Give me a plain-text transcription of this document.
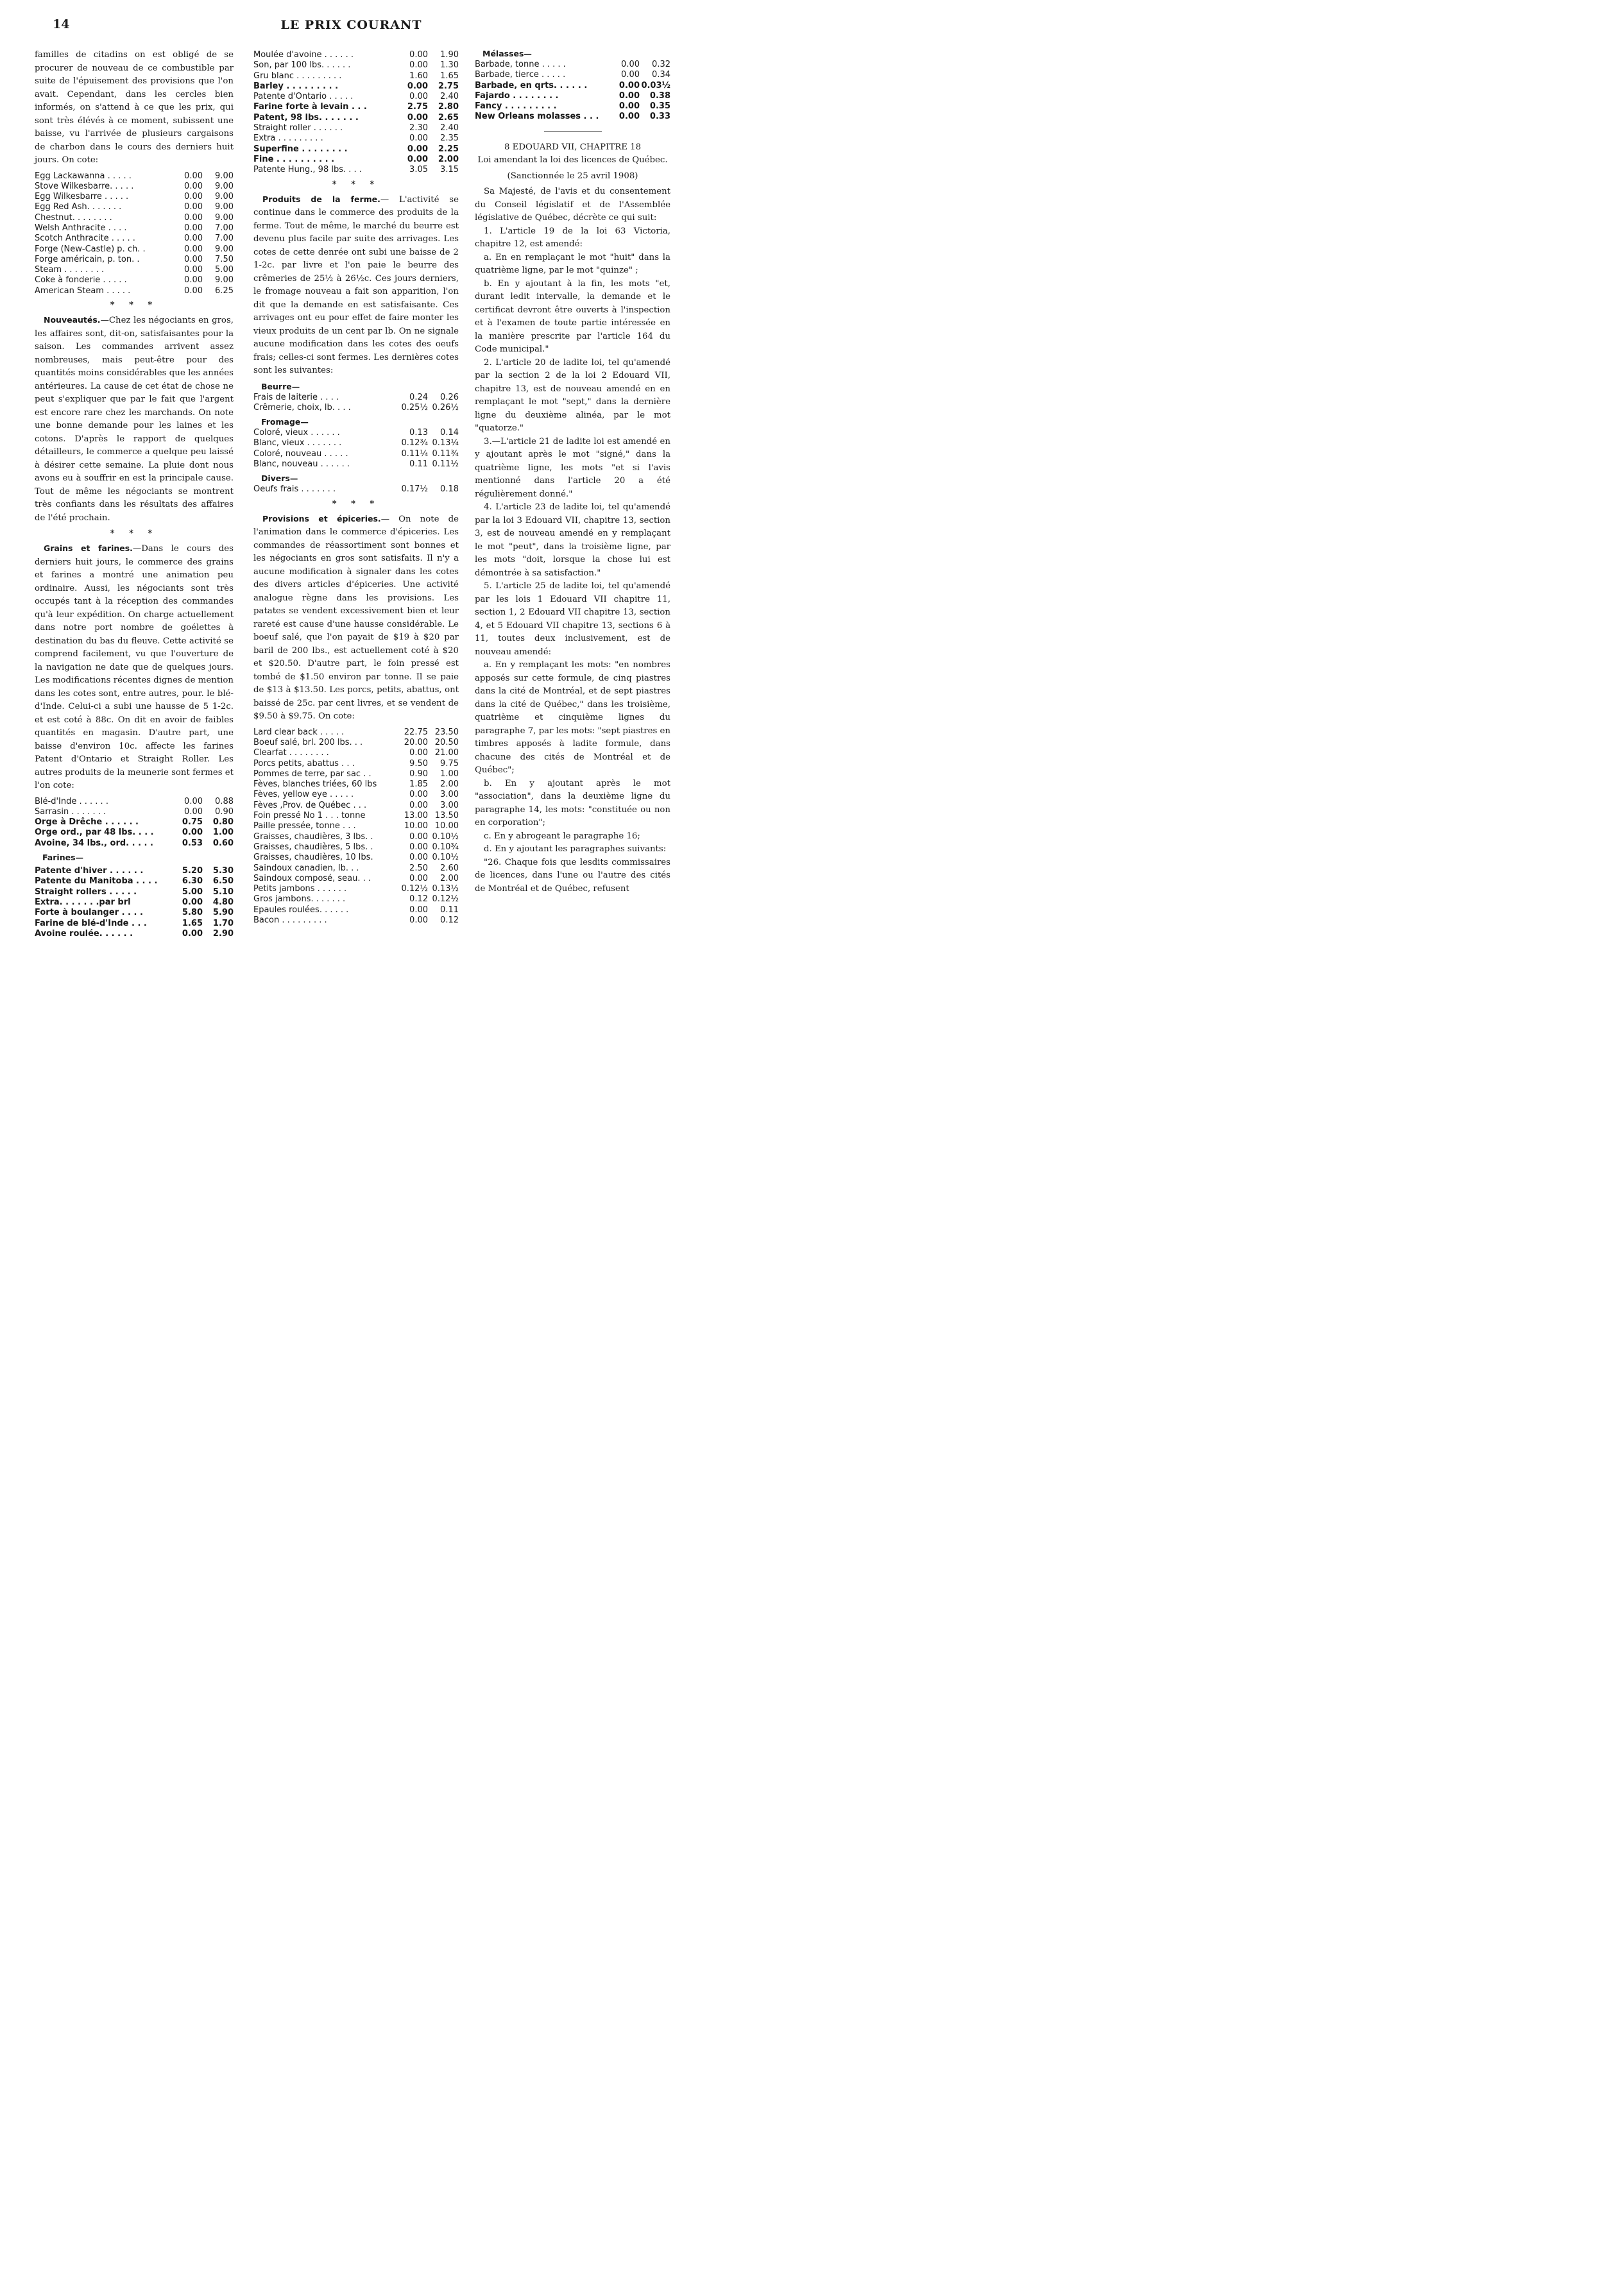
14	LE PRIX COURANT

familles de citadins on est obligé de se procurer de nouveau de ce combustible par suite de l'épuisement des provisions que l'on avait. Cependant, dans les cercles bien informés, on s'attend à ce que les prix, qui sont très élévés à ce moment, subissent une baisse, vu l'arrivée de plusieurs cargaisons de charbon dans le cours des derniers huit jours. On cote:

Egg Lackawanna . . . . .	0.00	9.00
Stove Wilkesbarre. . . . .	0.00	9.00
Egg Wilkesbarre . . . . .	0.00	9.00
Egg Red Ash. . . . . . .	0.00	9.00
Chestnut. . . . . . . .	0.00	9.00
Welsh Anthracite . . . .	0.00	7.00
Scotch Anthracite . . . . .	0.00	7.00
Forge (New-Castle) p. ch. .	0.00	9.00
Forge américain, p. ton. .	0.00	7.50
Steam . . . . . . . .	0.00	5.00
Coke à fonderie . . . . .	0.00	9.00
American Steam . . . . .	0.00	6.25
* * *

Nouveautés.—Chez les négociants en gros, les affaires sont, dit-on, satisfaisantes pour la saison. Les commandes arrivent assez nombreuses, mais peut-être pour des quantités moins considérables que les années antérieures. La cause de cet état de chose ne peut s'expliquer que par le fait que l'argent est encore rare chez les marchands. On note une bonne demande pour les laines et les cotons. D'après le rapport de quelques détailleurs, le commerce a quelque peu laissé à désirer cette semaine. La pluie dont nous avons eu à souffrir en est la principale cause. Tout de même les négociants se montrent très confiants dans les résultats des affaires de l'été prochain.

* * *

Grains et farines.—Dans le cours des derniers huit jours, le commerce des grains et farines a montré une animation peu ordinaire. Aussi, les négociants sont très occupés tant à la réception des commandes qu'à leur expédition. On charge actuellement dans notre port nombre de goélettes à destination du bas du fleuve. Cette activité se comprend facilement, vu que l'ouverture de la navigation ne date que de quelques jours. Les modifications récentes dignes de mention dans les cotes sont, entre autres, pour. le blé-d'Inde. Celui-ci a subi une hausse de 5 1-2c. et est coté à 88c. On dit en avoir de faibles quantités en magasin. D'autre part, une baisse d'environ 10c. affecte les farines Patent d'Ontario et Straight Roller. Les autres produits de la meunerie sont fermes et l'on cote:

Blé-d'Inde . . . . . .	0.00	0.88
Sarrasin . . . . . . .	0.00	0.90
Orge à Drêche . . . . . .	0.75	0.80
Orge ord., par 48 lbs. . . .	0.00	1.00
Avoine, 34 lbs., ord. . . . .	0.53	0.60
Farines—
Patente d'hiver . . . . . .	5.20	5.30
Patente du Manitoba . . . .	6.30	6.50
Straight rollers . . . . .	5.00	5.10
Extra. . . . . . .par brl	0.00	4.80
Forte à boulanger . . . .	5.80	5.90
Farine de blé-d'Inde . . .	1.65	1.70
Avoine roulée. . . . . .	0.00	2.90
Moulée d'avoine . . . . . .	0.00	1.90
Son, par 100 lbs. . . . . .	0.00	1.30
Gru blanc . . . . . . . . .	1.60	1.65
Barley . . . . . . . . .	0.00	2.75
Patente d'Ontario . . . . .	0.00	2.40
Farine forte à levain . . .	2.75	2.80
Patent, 98 lbs. . . . . . .	0.00	2.65
Straight roller . . . . . .	2.30	2.40
Extra . . . . . . . . .	0.00	2.35
Superfine . . . . . . . .	0.00	2.25
Fine . . . . . . . . . .	0.00	2.00
Patente Hung., 98 lbs. . . .	3.05	3.15
* * *

Produits de la ferme.— L'activité se continue dans le commerce des produits de la ferme. Tout de même, le marché du beurre est devenu plus facile par suite des arrivages. Les cotes de cette denrée ont subi une baisse de 2 1-2c. par livre et l'on paie le beurre des crêmeries de 25½ à 26½c. Ces jours derniers, le fromage nouveau a fait son apparition, l'on dit que la demande en est satisfaisante. Ces arrivages ont eu pour effet de faire monter les vieux produits de un cent par lb. On ne signale aucune modification dans les cotes des oeufs frais; celles-ci sont fermes. Les dernières cotes sont les suivantes:

Beurre—
Frais de laiterie . . . .	0.24	0.26
Crêmerie, choix, lb. . . .	0.25½ 0.26½
Fromage—
Coloré, vieux . . . . . .	0.13	0.14
Blanc, vieux . . . . . . .	0.12¾ 0.13¼
Coloré, nouveau . . . . .	0.11¼ 0.11¾
Blanc, nouveau . . . . . .	0.11 0.11½
Divers—
Oeufs frais . . . . . . .	0.17½	0.18
* * *

Provisions et épiceries.— On note de l'animation dans le commerce d'épiceries. Les commandes de réassortiment sont bonnes et les négociants en gros sont satisfaits. Il n'y a aucune modification à signaler dans les cotes des divers articles d'épiceries. Une activité analogue règne dans les provisions. Les patates se vendent excessivement bien et leur rareté est cause d'une hausse considérable. Le boeuf salé, que l'on payait de $19 à $20 par baril de 200 lbs., est actuellement coté à $20 et $20.50. D'autre part, le foin pressé est tombé de $1.50 environ par tonne. Il se paie de $13 à $13.50. Les porcs, petits, abattus, ont baissé de 25c. par cent livres, et se vendent de $9.50 à $9.75. On cote:

Lard clear back . . . . .	22.75 23.50
Boeuf salé, brl. 200 lbs. . .	20.00 20.50
Clearfat . . . . . . . .	0.00 21.00
Porcs petits, abattus . . .	9.50	9.75
Pommes de terre, par sac . .	0.90	1.00
Fèves, blanches triées, 60 lbs	1.85	2.00
Fèves, yellow eye . . . . .	0.00	3.00
Fèves ,Prov. de Québec . . .	0.00	3.00
Foin pressé No 1 . . . tonne	13.00 13.50
Paille pressée, tonne . . .	10.00 10.00
Graisses, chaudières, 3 lbs. .	0.00 0.10½
Graisses, chaudières, 5 lbs. .	0.00 0.10¾
Graisses, chaudières, 10 lbs.	0.00 0.10½
Saindoux canadien, lb. . .	2.50	2.60
Saindoux composé, seau. . .	0.00	2.00
Petits jambons . . . . . .	0.12½ 0.13½
Gros jambons. . . . . . .	0.12 0.12½
Epaules roulées. . . . . .	0.00	0.11
Bacon . . . . . . . . .	0.00	0.12
Mélasses—
Barbade, tonne . . . . .	0.00	0.32
Barbade, tierce . . . . .	0.00	0.34
Barbade, en qrts. . . . . .	0.00 0.03½
Fajardo . . . . . . . .	0.00	0.38
Fancy . . . . . . . . .	0.00	0.35
New Orleans molasses . . .	0.00	0.33
8 EDOUARD VII, CHAPITRE 18
Loi amendant la loi des licences de Québec.
(Sanctionnée le 25 avril 1908)

Sa Majesté, de l'avis et du consentement du Conseil législatif et de l'Assemblée législative de Québec, décrète ce qui suit:

1. L'article 19 de la loi 63 Victoria, chapitre 12, est amendé:

a. En en remplaçant le mot "huit" dans la quatrième ligne, par le mot "quinze" ;

b. En y ajoutant à la fin, les mots "et, durant ledit intervalle, la demande et le certificat devront être ouverts à l'inspection et à l'examen de toute partie intéressée en la manière prescrite par l'article 164 du Code municipal."

2. L'article 20 de ladite loi, tel qu'amendé par la section 2 de la loi 2 Edouard VII, chapitre 13, est de nouveau amendé en en remplaçant le mot "sept," dans la dernière ligne du deuxième alinéa, par le mot "quatorze."

3.—L'article 21 de ladite loi est amendé en y ajoutant après le mot "signé," dans la quatrième ligne, les mots "et si l'avis mentionné dans l'article 20 a été régulièrement donné."

4. L'article 23 de ladite loi, tel qu'amendé par la loi 3 Edouard VII, chapitre 13, section 3, est de nouveau amendé en y remplaçant le mot "peut", dans la troisième ligne, par les mots "doit, lorsque la chose lui est démontrée à sa satisfaction."

5. L'article 25 de ladite loi, tel qu'amendé par les lois 1 Edouard VII chapitre 11, section 1, 2 Edouard VII chapitre 13, section 4, et 5 Edouard VII chapitre 13, sections 6 à 11, toutes deux inclusivement, est de nouveau amendé:

a. En y remplaçant les mots: "en nombres apposés sur cette formule, de cinq piastres dans la cité de Montréal, et de sept piastres dans la cité de Québec," dans les troisième, quatrième et cinquième lignes du paragraphe 7, par les mots: "sept piastres en timbres apposés à ladite formule, dans chacune des cités de Montréal et de Québec";

b. En y ajoutant après le mot "association", dans la deuxième ligne du paragraphe 14, les mots: "constituée ou non en corporation";

c. En y abrogeant le paragraphe 16;

d. En y ajoutant les paragraphes suivants:

"26. Chaque fois que lesdits commissaires de licences, dans l'une ou l'autre des cités de Montréal et de Québec, refusent
